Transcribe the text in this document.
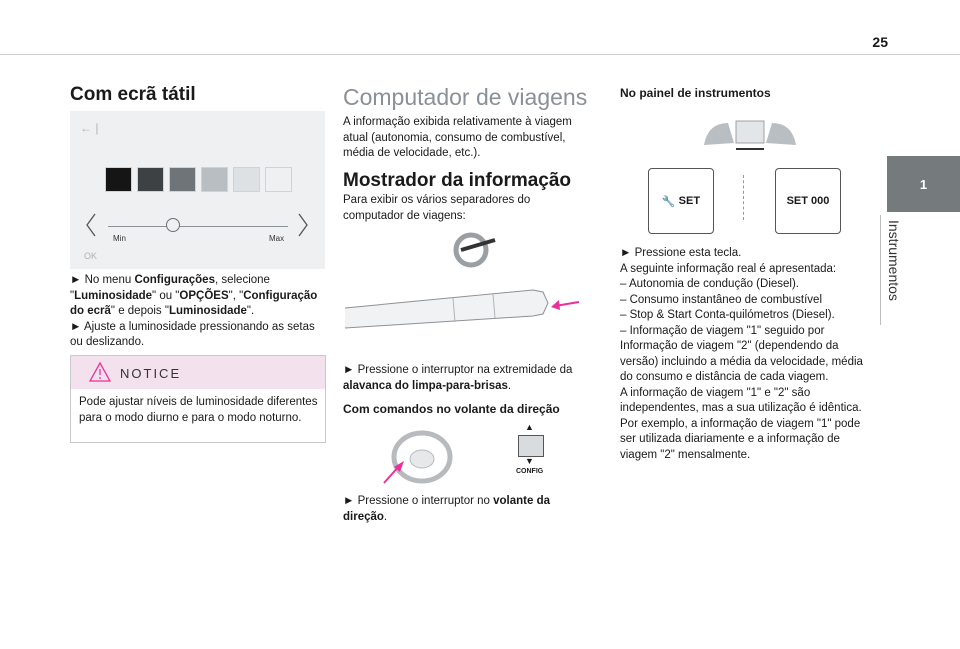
25
1
Instrumentos
Com ecrã tátil
← |
Min	Max
OK

► No menu Configurações, selecione

"Luminosidade" ou "OPÇÕES", "Configuração do ecrã" e depois "Luminosidade".

► Ajuste a luminosidade pressionando as setas ou deslizando.

NOTICE
Pode ajustar níveis de luminosidade diferentes para o modo diurno e para o modo noturno.
Computador de viagens
A informação exibida relativamente à viagem atual (autonomia, consumo de combustível, média de velocidade, etc.).
Mostrador da informação
Para exibir os vários separadores do computador de viagens:

► Pressione o interruptor na extremidade da alavanca do limpa-para-brisas.

Com comandos no volante da direção
▲
▼
CONFIG

► Pressione o interruptor no volante da direção.

No painel de instrumentos
🔧
SET	SET
000

► Pressione esta tecla.

A seguinte informação real é apresentada:

– Autonomia de condução (Diesel).

– Consumo instantâneo de combustível

– Stop & Start Conta-quilómetros (Diesel).

– Informação de viagem "1" seguido por Informação de viagem "2" (dependendo da versão) incluindo a média da velocidade, média do consumo e distância de cada viagem.

A informação de viagem "1" e "2" são independentes, mas a sua utilização é idêntica.

Por exemplo, a informação de viagem "1" pode ser utilizada diariamente e a informação de viagem "2" mensalmente.
